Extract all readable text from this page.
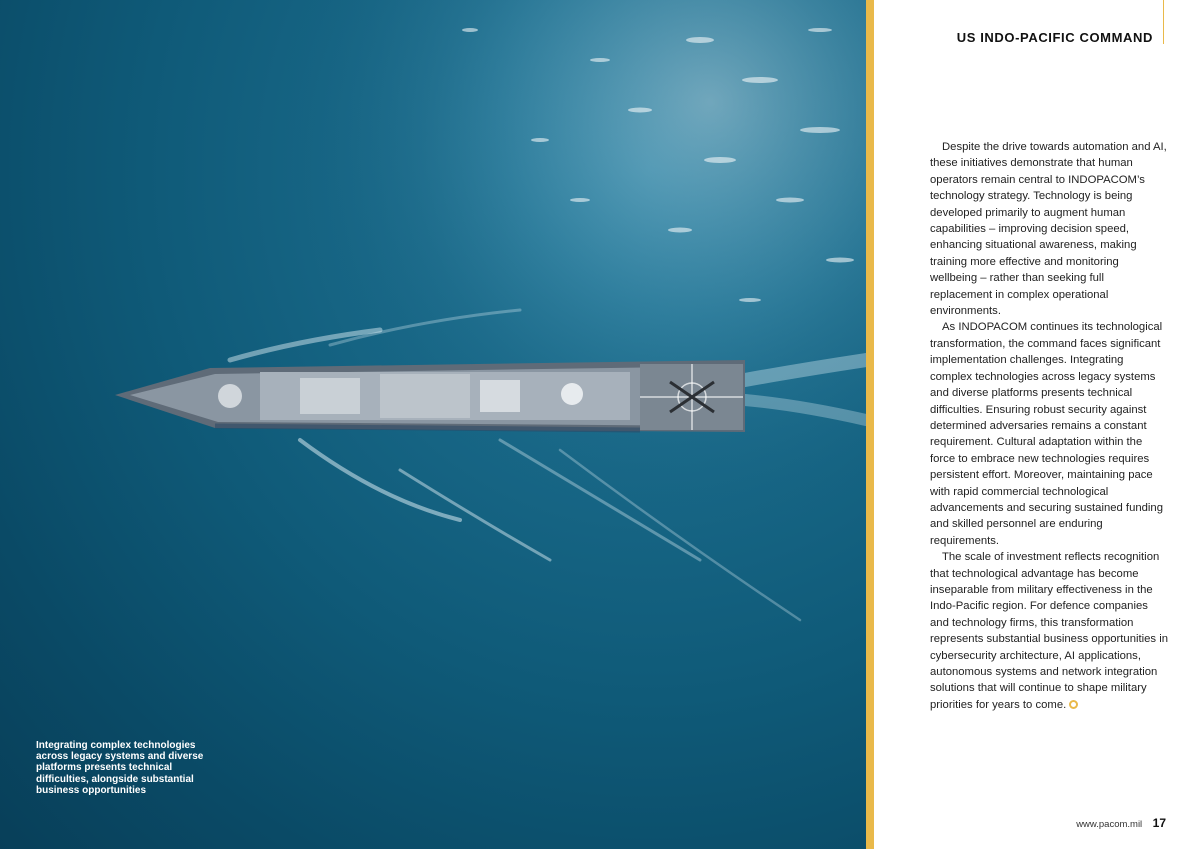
Integrating complex technologies across legacy systems and diverse platforms presents technical difficulties, alongside substantial business opportunities
US INDO-PACIFIC COMMAND

Despite the drive towards automation and AI, these initiatives demonstrate that human operators remain central to INDOPACOM’s technology strategy. Technology is being developed primarily to augment human capabilities – improving decision speed, enhancing situational awareness, making training more effective and monitoring wellbeing – rather than seeking full replacement in complex operational environments.

As INDOPACOM continues its technological transformation, the command faces significant implementation challenges. Integrating complex technologies across legacy systems and diverse platforms presents technical difficulties. Ensuring robust security against determined adversaries remains a constant requirement. Cultural adaptation within the force to embrace new technologies requires persistent effort. Moreover, maintaining pace with rapid commercial technological advancements and securing sustained funding and skilled personnel are enduring requirements.

The scale of investment reflects recognition that technological advantage has become inseparable from military effectiveness in the Indo-Pacific region. For defence companies and technology firms, this transformation represents substantial business opportunities in cybersecurity architecture, AI applications, autonomous systems and network integration solutions that will continue to shape military priorities for years to come.

www.pacom.mil 17
